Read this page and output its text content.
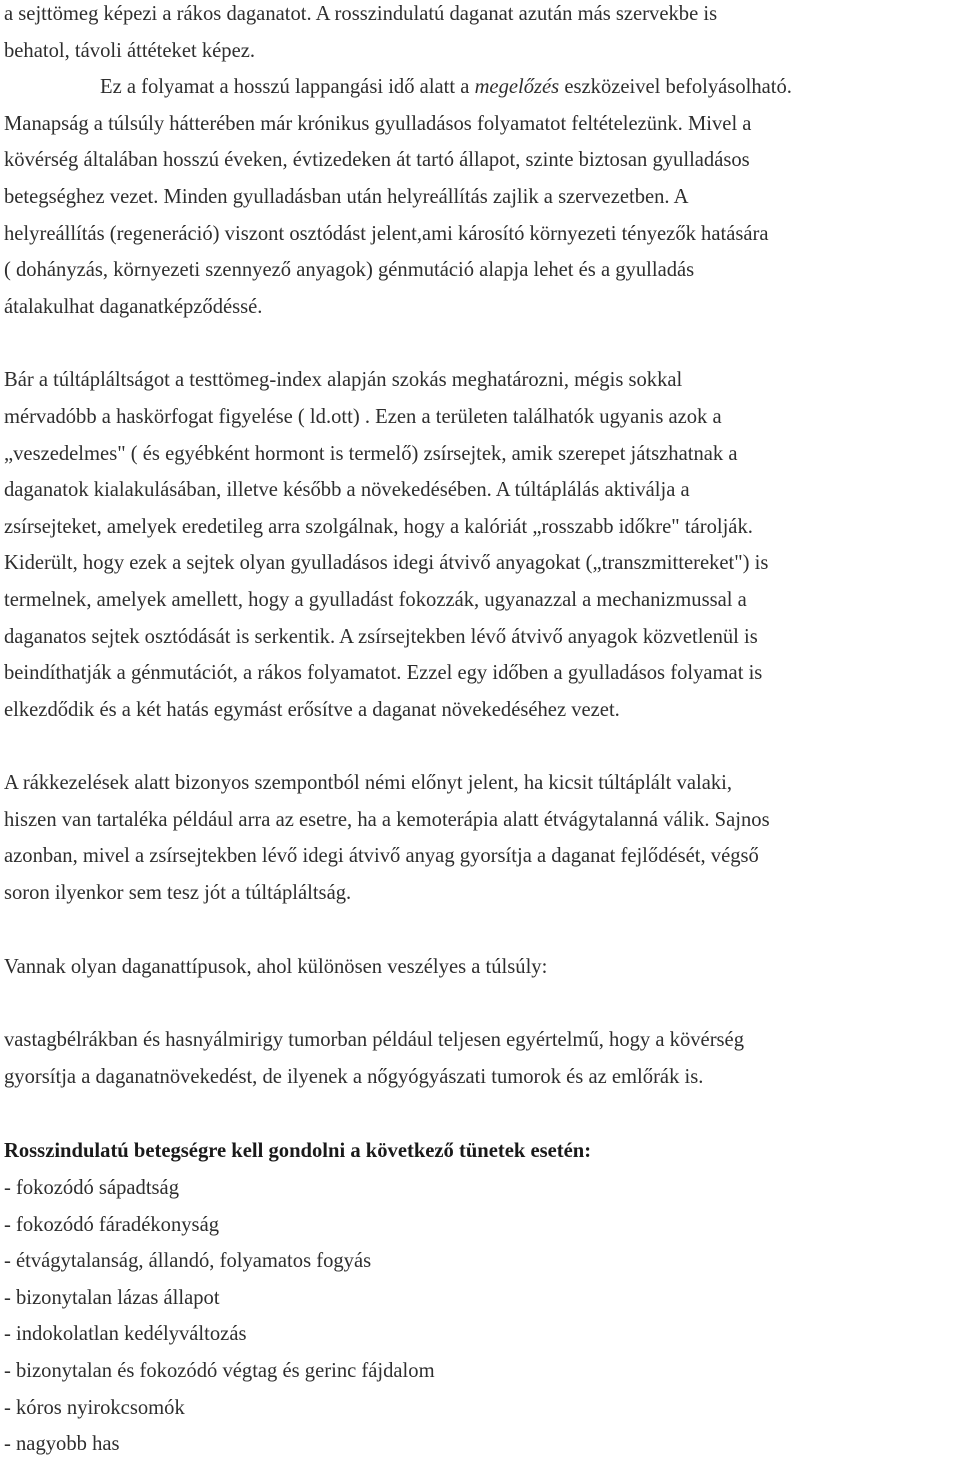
a sejttömeg képezi a rákos daganatot. A rosszindulatú daganat azután más szervekbe is
behatol, távoli áttéteket képez.
Ez a folyamat a hosszú lappangási idő alatt a megelőzés eszközeivel befolyásolható.
Manapság a túlsúly hátterében már krónikus gyulladásos folyamatot feltételezünk. Mivel a
kövérség általában hosszú éveken, évtizedeken át tartó állapot, szinte biztosan gyulladásos
betegséghez vezet. Minden gyulladásban után helyreállítás zajlik a szervezetben. A
helyreállítás (regeneráció) viszont osztódást jelent,ami károsító környezeti tényezők hatására
( dohányzás, környezeti szennyező anyagok) génmutáció alapja lehet és a gyulladás
átalakulhat daganatképződéssé.

Bár a túltápláltságot a testtömeg-index alapján szokás meghatározni, mégis sokkal
mérvadóbb a haskörfogat figyelése ( ld.ott) . Ezen a területen találhatók ugyanis azok a
„veszedelmes" ( és egyébként hormont is termelő) zsírsejtek, amik szerepet játszhatnak a
daganatok kialakulásában, illetve később a növekedésében. A túltáplálás aktiválja a
zsírsejteket, amelyek eredetileg arra szolgálnak, hogy a kalóriát „rosszabb időkre" tárolják.
Kiderült, hogy ezek a sejtek olyan gyulladásos idegi átvivő anyagokat („transzmittereket") is
termelnek, amelyek amellett, hogy a gyulladást fokozzák, ugyanazzal a mechanizmussal a
daganatos sejtek osztódását is serkentik. A zsírsejtekben lévő átvivő anyagok közvetlenül is
beindíthatják a génmutációt, a rákos folyamatot. Ezzel egy időben a gyulladásos folyamat is
elkezdődik és a két hatás egymást erősítve a daganat növekedéséhez vezet.

A rákkezelések alatt bizonyos szempontból némi előnyt jelent, ha kicsit túltáplált valaki,
hiszen van tartaléka például arra az esetre, ha a kemoterápia alatt étvágytalanná válik. Sajnos
azonban, mivel a zsírsejtekben lévő idegi átvivő anyag gyorsítja a daganat fejlődését, végső
soron ilyenkor sem tesz jót a túltápláltság.

Vannak olyan daganattípusok, ahol különösen veszélyes a túlsúly:

vastagbélrákban és hasnyálmirigy tumorban például teljesen egyértelmű, hogy a kövérség
gyorsítja a daganatnövekedést, de ilyenek a nőgyógyászati tumorok és az emlőrák is.

Rosszindulatú betegségre kell gondolni a következő tünetek esetén:

- fokozódó sápadtság
- fokozódó fáradékonyság
- étvágytalanság, állandó, folyamatos fogyás
- bizonytalan lázas állapot
- indokolatlan kedélyváltozás
- bizonytalan és fokozódó végtag és gerinc fájdalom
- kóros nyirokcsomók
- nagyobb has
